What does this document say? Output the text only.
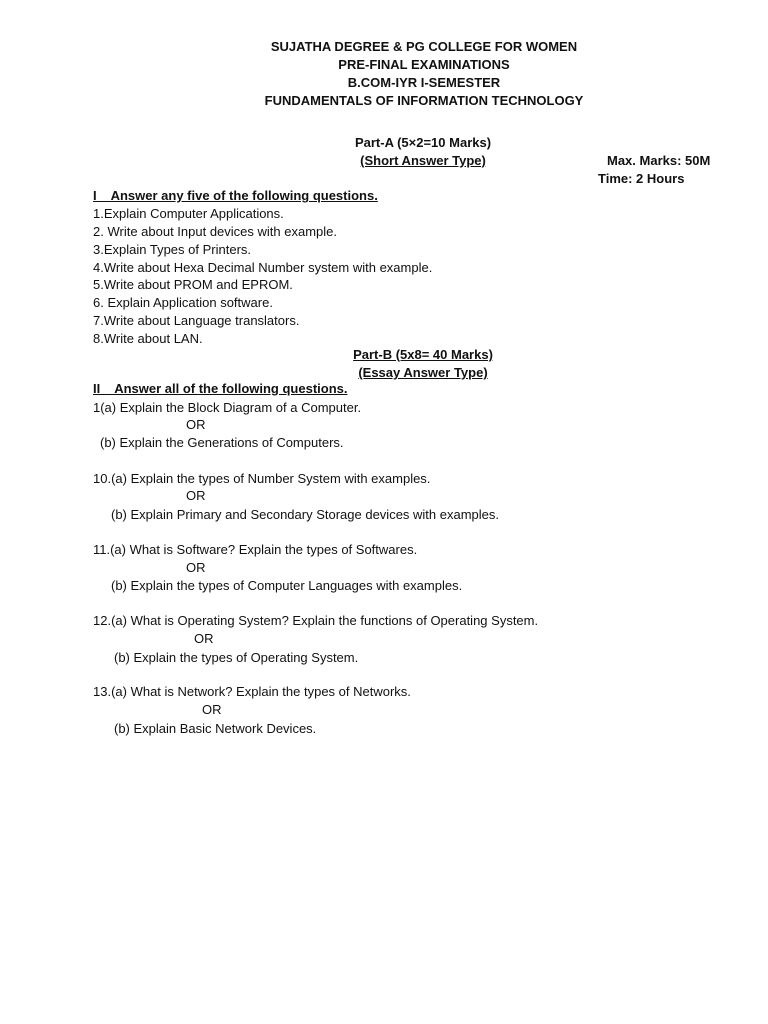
SUJATHA DEGREE & PG COLLEGE FOR WOMEN
PRE-FINAL EXAMINATIONS
B.COM-IYR I-SEMESTER
FUNDAMENTALS OF INFORMATION TECHNOLOGY
Part-A (5×2=10 Marks)
(Short Answer Type)	Max. Marks: 50M
Time: 2 Hours
I    Answer any five of the following questions.
1.Explain Computer Applications.
2. Write about Input devices with example.
3.Explain Types of Printers.
4.Write about Hexa Decimal Number system with example.
5.Write about PROM and EPROM.
6. Explain Application software.
7.Write about Language translators.
8.Write about LAN.
Part-B (5x8= 40 Marks)
(Essay Answer Type)
II    Answer all of the following questions.
1(a) Explain the Block Diagram of a Computer.
OR
(b) Explain the Generations of Computers.
10.(a) Explain the types of Number System with examples.
OR
(b) Explain Primary and Secondary Storage devices with examples.
11.(a) What is Software? Explain the types of Softwares.
OR
(b) Explain the types of Computer Languages with examples.
12.(a) What is Operating System? Explain the functions of Operating System.
OR
(b) Explain the types of Operating System.
13.(a) What is Network? Explain the types of Networks.
OR
(b) Explain Basic Network Devices.
